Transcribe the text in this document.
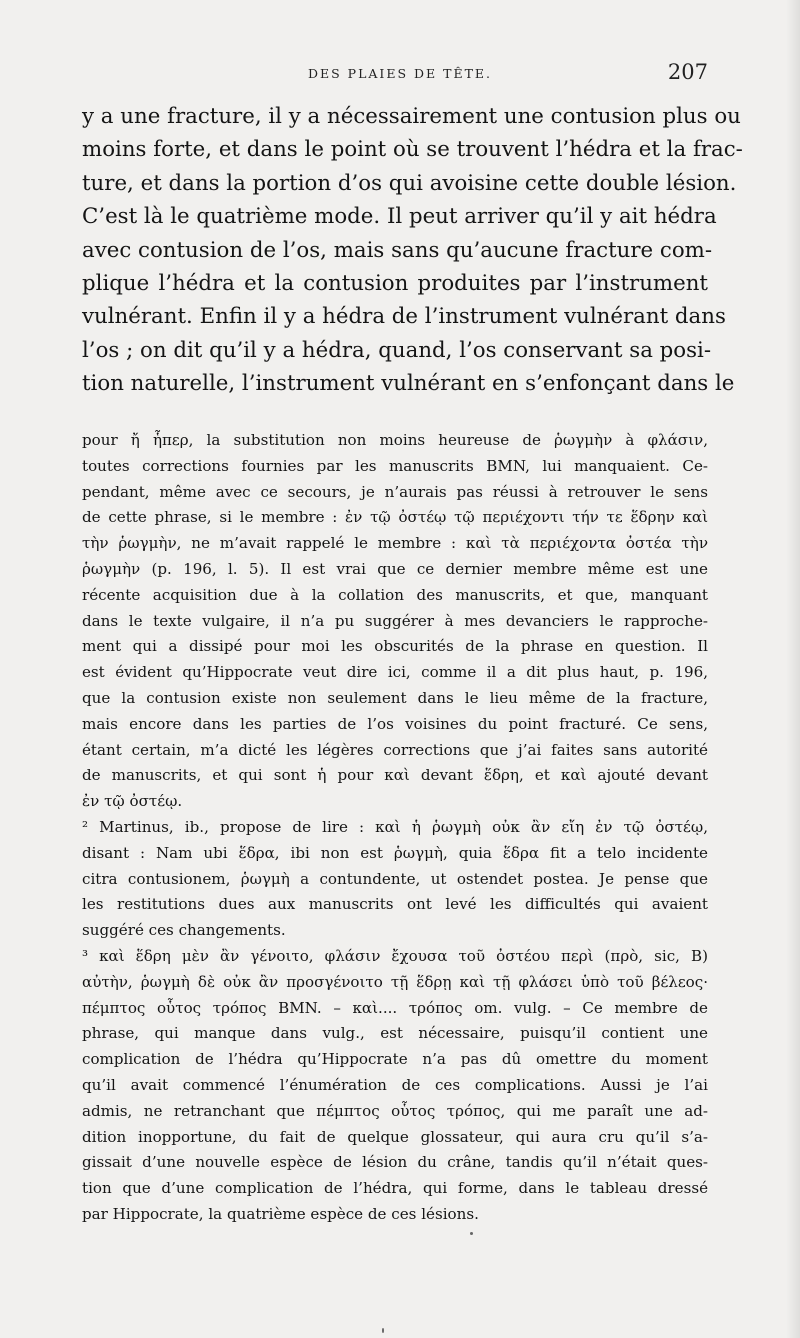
DES PLAIES DE TÊTE.	207
y a une fracture, il y a nécessairement une contusion plus ou
moins forte, et dans le point où se trouvent l’hédra et la frac-
ture, et dans la portion d’os qui avoisine cette double lésion.
C’est là le quatrième mode. Il peut arriver qu’il y ait hédra
avec contusion de l’os, mais sans qu’aucune fracture com-
plique l’hédra et la contusion produites par l’instrument
vulnérant. Enfin il y a hédra de l’instrument vulnérant dans
l’os ; on dit qu’il y a hédra, quand, l’os conservant sa posi-
tion naturelle, l’instrument vulnérant en s’enfonçant dans le
pour ἤ ἧπερ, la substitution non moins heureuse de ῥωγμὴν à φλάσιν,
toutes corrections fournies par les manuscrits BMN, lui manquaient. Ce-
pendant, même avec ce secours, je n’aurais pas réussi à retrouver le sens
de cette phrase, si le membre : ἐν τῷ ὀστέῳ τῷ περιέχοντι τήν τε ἕδρην καὶ
τὴν ῥωγμὴν, ne m’avait rappelé le membre : καὶ τὰ περιέχοντα ὀστέα τὴν
ῥωγμὴν (p. 196, l. 5). Il est vrai que ce dernier membre même est une
récente acquisition due à la collation des manuscrits, et que, manquant
dans le texte vulgaire, il n’a pu suggérer à mes devanciers le rapproche-
ment qui a dissipé pour moi les obscurités de la phrase en question. Il
est évident qu’Hippocrate veut dire ici, comme il a dit plus haut, p. 196,
que la contusion existe non seulement dans le lieu même de la fracture,
mais encore dans les parties de l’os voisines du point fracturé. Ce sens,
étant certain, m’a dicté les légères corrections que j’ai faites sans autorité
de manuscrits, et qui sont ἡ pour καὶ devant ἕδρη, et καὶ ajouté devant
ἐν τῷ ὀστέῳ.
² Martinus, ib., propose de lire : καὶ ἡ ῥωγμὴ οὐκ ἂν εἴη ἐν τῷ ὀστέῳ,
disant : Nam ubi ἕδρα, ibi non est ῥωγμὴ, quia ἕδρα fit a telo incidente
citra contusionem, ῥωγμὴ a contundente, ut ostendet postea. Je pense que
les restitutions dues aux manuscrits ont levé les difficultés qui avaient
suggéré ces changements.
³ καὶ ἕδρη μὲν ἂν γένοιτο, φλάσιν ἔχουσα τοῦ ὀστέου περὶ (πρὸ, sic, B)
αὐτὴν, ῥωγμὴ δὲ οὐκ ἂν προσγένοιτο τῇ ἕδρῃ καὶ τῇ φλάσει ὑπὸ τοῦ βέλεος·
πέμπτος οὗτος τρόπος BMN. – καὶ.... τρόπος om. vulg. – Ce membre de
phrase, qui manque dans vulg., est nécessaire, puisqu’il contient une
complication de l’hédra qu’Hippocrate n’a pas dû omettre du moment
qu’il avait commencé l’énumération de ces complications. Aussi je l’ai
admis, ne retranchant que πέμπτος οὗτος τρόπος, qui me paraît une ad-
dition inopportune, du fait de quelque glossateur, qui aura cru qu’il s’a-
gissait d’une nouvelle espèce de lésion du crâne, tandis qu’il n’était ques-
tion que d’une complication de l’hédra, qui forme, dans le tableau dressé
par Hippocrate, la quatrième espèce de ces lésions.
